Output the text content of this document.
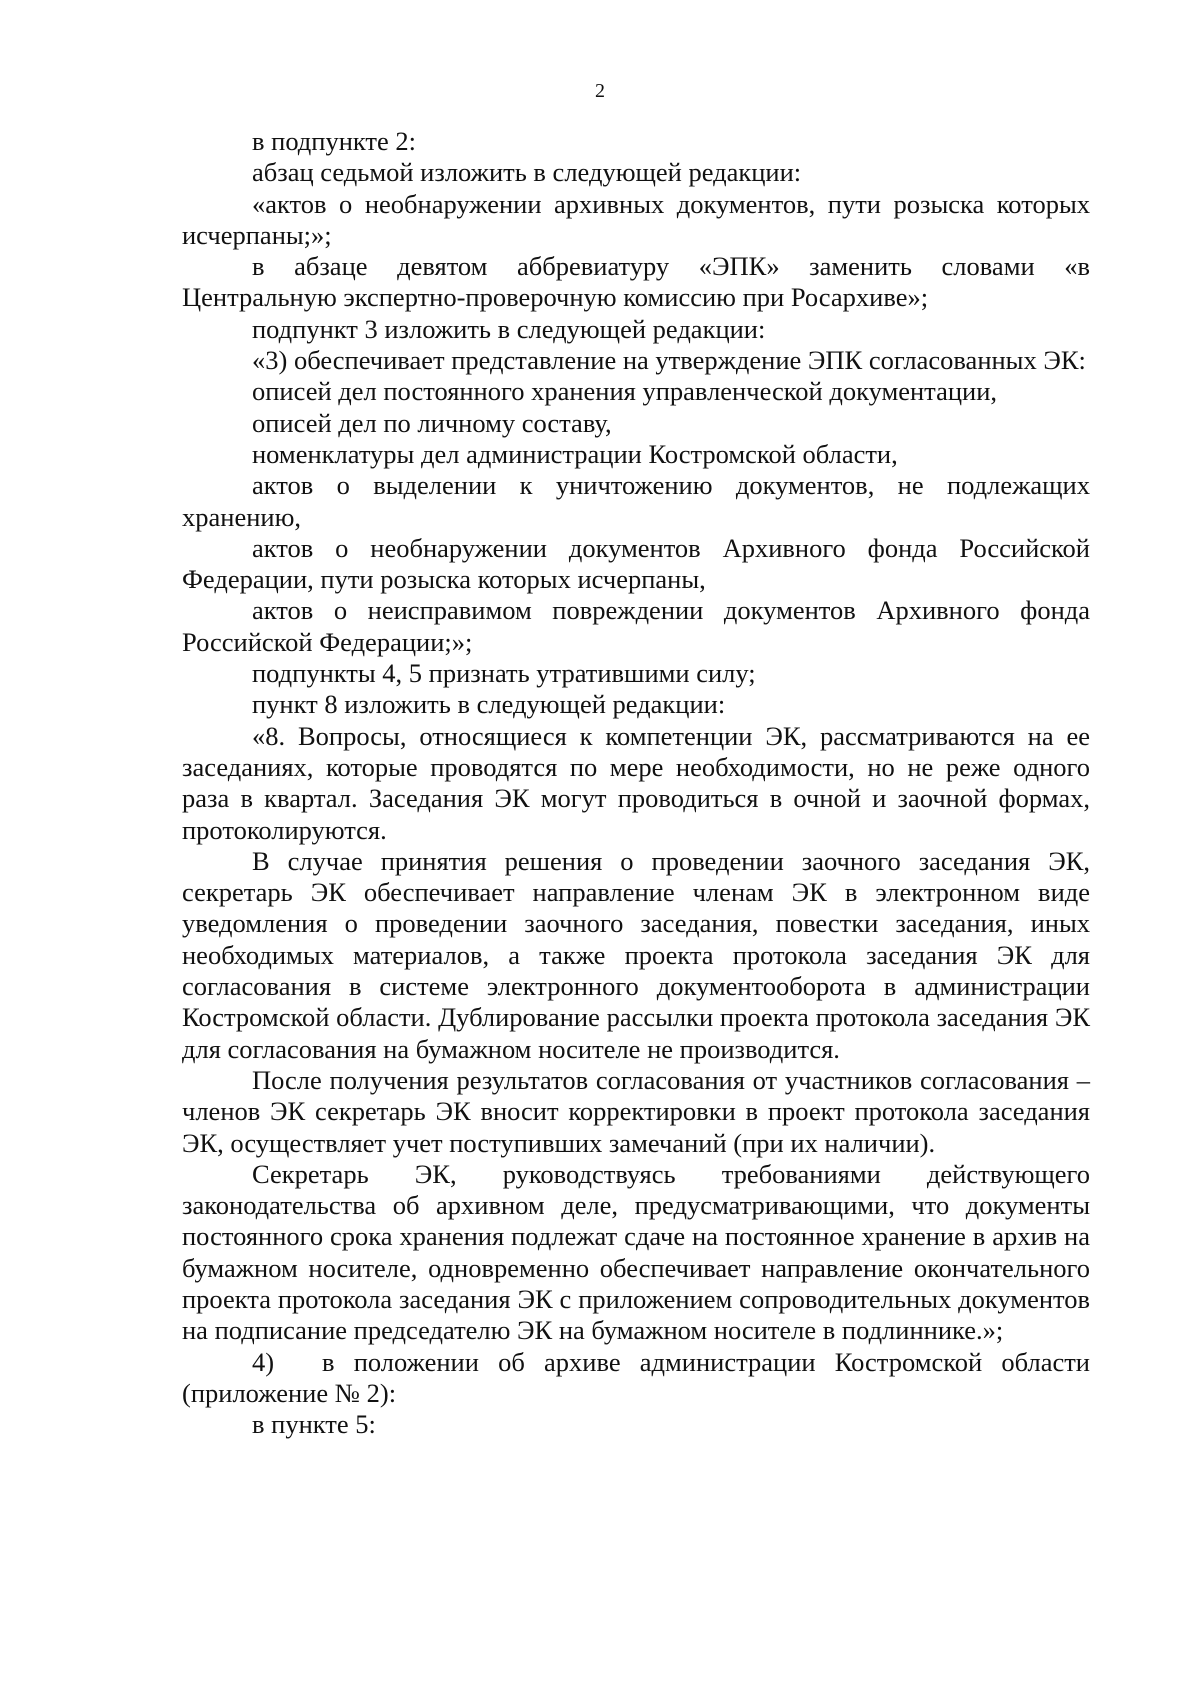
2

в подпункте 2:

абзац седьмой изложить в следующей редакции:

«актов о необнаружении архивных документов, пути розыска которых исчерпаны;»;

в абзаце девятом аббревиатуру «ЭПК» заменить словами «в Центральную экспертно-проверочную комиссию при Росархиве»;

подпункт 3 изложить в следующей редакции:

«3) обеспечивает представление на утверждение ЭПК согласованных ЭК:

описей дел постоянного хранения управленческой документации,

описей дел по личному составу,

номенклатуры дел администрации Костромской области,

актов о выделении к уничтожению документов, не подлежащих хранению,

актов о необнаружении документов Архивного фонда Российской Федерации, пути розыска которых исчерпаны,

актов о неисправимом повреждении документов Архивного фонда Российской Федерации;»;

подпункты 4, 5 признать утратившими силу;

пункт 8 изложить в следующей редакции:

«8. Вопросы, относящиеся к компетенции ЭК, рассматриваются на ее заседаниях, которые проводятся по мере необходимости, но не реже одного раза в квартал. Заседания ЭК могут проводиться в очной и заочной формах, протоколируются.

В случае принятия решения о проведении заочного заседания ЭК, секретарь ЭК обеспечивает направление членам ЭК в электронном виде уведомления о проведении заочного заседания, повестки заседания, иных необходимых материалов, а также проекта протокола заседания ЭК для согласования в системе электронного документооборота в администрации Костромской области. Дублирование рассылки проекта протокола заседания ЭК для согласования на бумажном носителе не производится.

После получения результатов согласования от участников согласования – членов ЭК секретарь ЭК вносит корректировки в проект протокола заседания ЭК, осуществляет учет поступивших замечаний (при их наличии).

Секретарь ЭК, руководствуясь требованиями действующего законодательства об архивном деле, предусматривающими, что документы постоянного срока хранения подлежат сдаче на постоянное хранение в архив на бумажном носителе, одновременно обеспечивает направление окончательного проекта протокола заседания ЭК с приложением сопроводительных документов на подписание председателю ЭК на бумажном носителе в подлиннике.»;

4) в положении об архиве администрации Костромской области (приложение № 2):

в пункте 5:
